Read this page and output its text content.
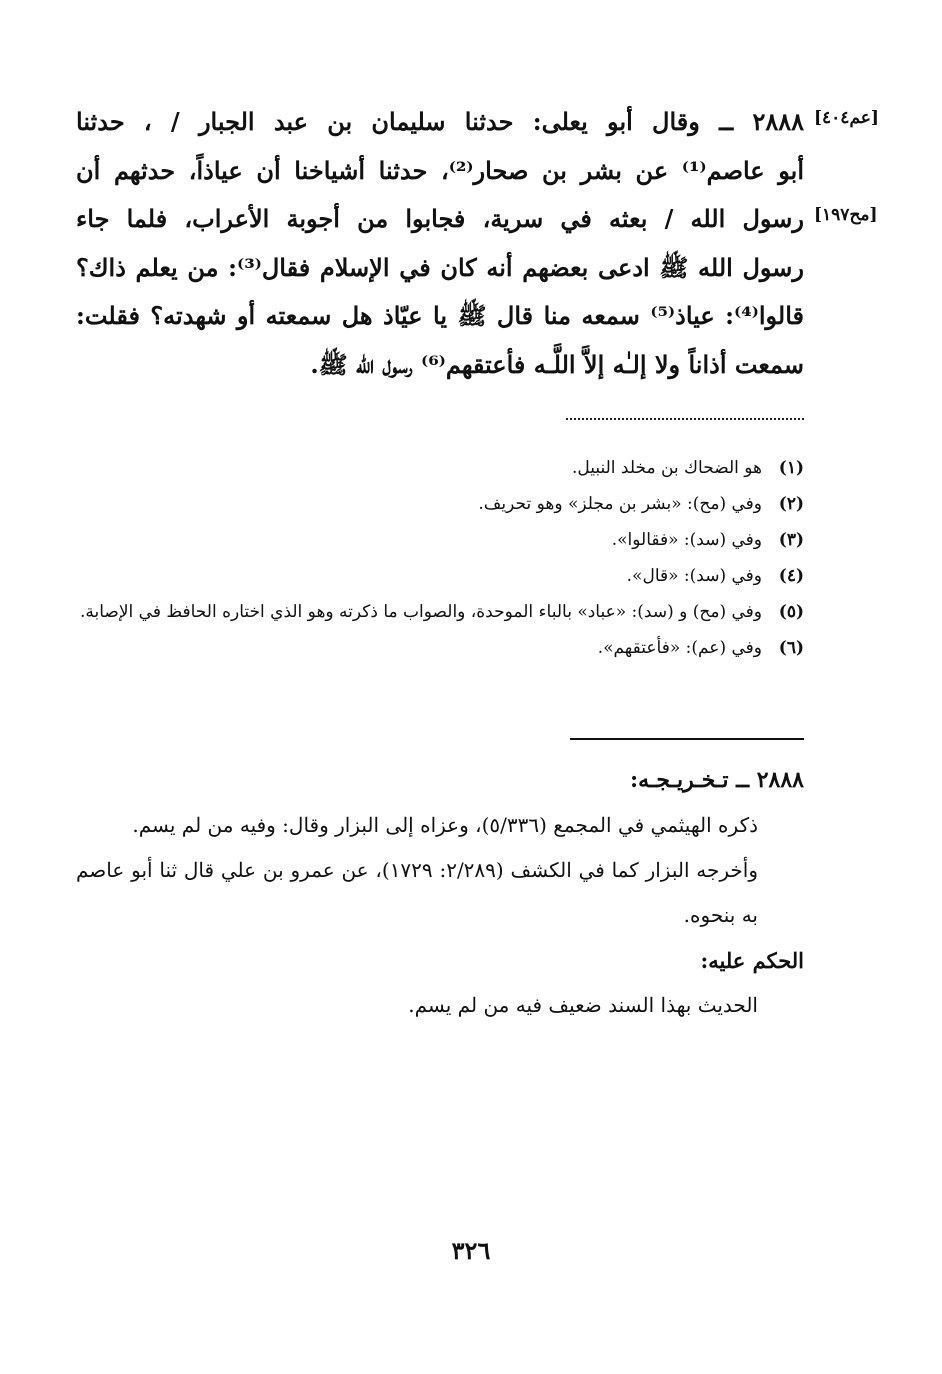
[عم٤٠٤]
[مح١٩٧]
٢٨٨٨ ــ وقال أبو يعلى: حدثنا سليمان بن عبد الجبار / ، حدثنا
أبو عاصم⁽¹⁾ عن بشر بن صحار⁽²⁾، حدثنا أشياخنا أن عياذاً، حدثهم أن
رسول الله / بعثه في سرية، فجابوا من أجوبة الأعراب، فلما جاء
رسول الله ﷺ ادعى بعضهم أنه كان في الإسلام فقال⁽³⁾: من يعلم ذاك؟
قالوا⁽⁴⁾: عياذ⁽⁵⁾ سمعه منا قال ﷺ يا عيّاذ هل سمعته أو شهدته؟ فقلت:
سمعت أذاناً ولا إلـٰه إلاَّ اللَّـه فأعتقهم⁽⁶⁾ رسول الله ﷺ.
(١)
هو الضحاك بن مخلد النبيل.
(٢)
وفي (مح): «بشر بن مجلز» وهو تحريف.
(٣)
وفي (سد): «فقالوا».
(٤)
وفي (سد): «قال».
(٥)
وفي (مح) و (سد): «عباد» بالباء الموحدة، والصواب ما ذكرته وهو الذي اختاره الحافظ في الإصابة.
(٦)
وفي (عم): «فأعتقهم».
٢٨٨٨ ــ تـخـريـجـه:
ذكره الهيثمي في المجمع (٥/٣٣٦)، وعزاه إلى البزار وقال: وفيه من لم يسم.
وأخرجه البزار كما في الكشف (٢/٢٨٩: ١٧٢٩)، عن عمرو بن علي قال ثنا أبو عاصم به بنحوه.
الحكم عليه:
الحديث بهذا السند ضعيف فيه من لم يسم.
٣٢٦
